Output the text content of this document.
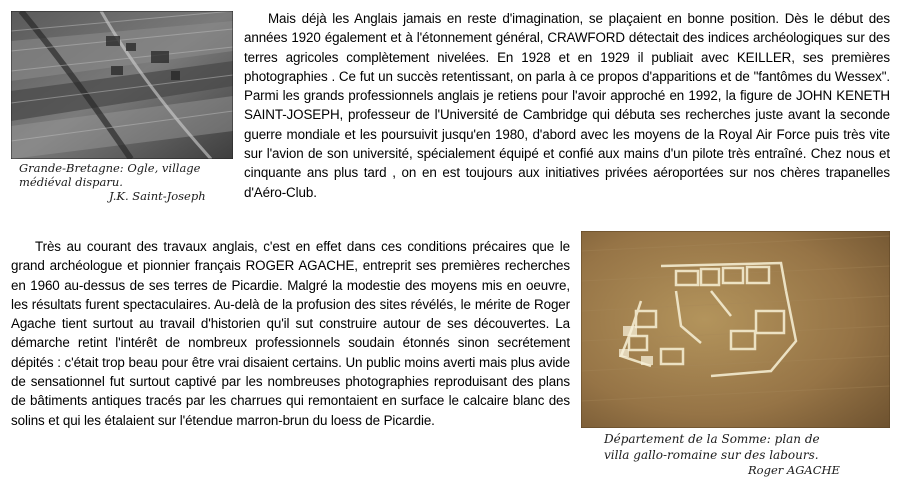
Grande-Bretagne: Ogle, village
médiéval disparu.

J.K. Saint-Joseph

Mais déjà les Anglais jamais en reste d'imagination, se plaçaient en bonne position. Dès le début des années 1920 également et à l'étonnement général, CRAWFORD détectait des indices archéologiques sur des terres agricoles complètement nivelées. En 1928 et en 1929 il publiait avec KEILLER, ses premières photographies . Ce fut un succès retentissant, on parla à ce propos d'apparitions et de "fantômes du Wessex". Parmi les grands professionnels anglais je retiens pour l'avoir approché en 1992, la figure de JOHN KENETH SAINT-JOSEPH, professeur de l'Université de Cambridge qui débuta ses recherches juste avant la seconde guerre mondiale et les poursuivit jusqu'en 1980, d'abord avec les moyens de la Royal Air Force puis très vite sur l'avion de son université, spécialement équipé et confié aux mains d'un pilote très entraîné. Chez nous et cinquante ans plus tard , on en est toujours aux initiatives privées aéroportées sur nos chères trapanelles d'Aéro-Club.

Très au courant des travaux anglais, c'est en effet dans ces conditions précaires que le grand archéologue et pionnier français ROGER AGACHE, entreprit ses premières recherches en 1960 au-dessus de ses terres de Picardie. Malgré la modestie des moyens mis en oeuvre, les résultats furent spectaculaires. Au-delà de la profusion des sites révélés, le mérite de Roger Agache tient surtout au travail d'historien qu'il sut construire autour de ses découvertes. La démarche retint l'intérêt de nombreux professionnels soudain étonnés sinon secrétement dépités : c'était trop beau pour être vrai disaient certains. Un public moins averti mais plus avide de sensationnel fut surtout captivé par les nombreuses photographies reproduisant des plans de bâtiments antiques tracés par les charrues qui remontaient en surface le calcaire blanc des solins et qui les étalaient sur l'étendue marron-brun du loess de Picardie.

Département de la Somme: plan de
villa gallo-romaine sur des labours.

Roger AGACHE
